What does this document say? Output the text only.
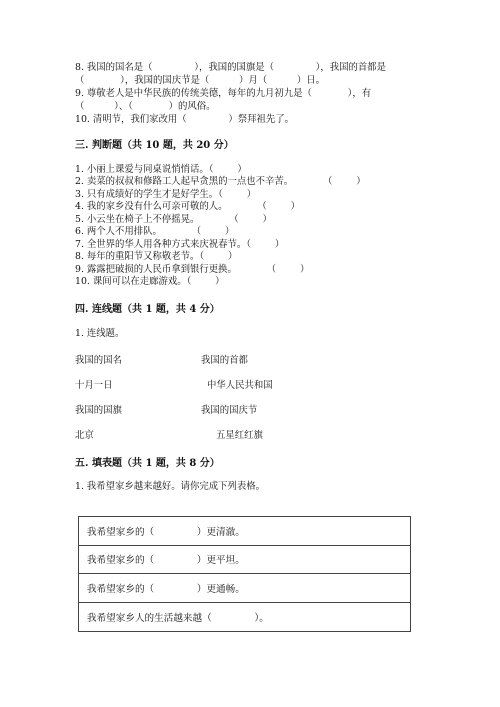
8. 我国的国名是（              ），我国的国旗是（              ），我国的首都是
（            ），我国的国庆节是（          ）月（          ）日。
9. 尊敬老人是中华民族的传统美德，每年的九月初九是（            ），有
（          ）、（            ）的风俗。
10. 清明节，我们家改用（              ）祭拜祖先了。
三. 判断题（共 10 题，共 20 分）
1. 小丽上课爱与同桌说悄悄话。（        ）
2. 卖菜的叔叔和修路工人起早贪黑的一点也不辛苦。          （        ）
3. 只有成绩好的学生才是好学生。（        ）
4. 我的家乡没有什么可亲可敬的人。          （        ）
5. 小云坐在椅子上不停摇晃。          （        ）
6. 两个人不用排队。          （        ）
7. 全世界的华人用各种方式来庆祝春节。（        ）
8. 每年的重阳节又称敬老节。（        ）
9. 露露把破损的人民币拿到银行更换。          （        ）
10. 课间可以在走廊游戏。（        ）
四. 连线题（共 1 题，共 4 分）
1. 连线题。
我国的国名	我国的首都
十月一日	中华人民共和国
我国的国旗	我国的国庆节
北京	五星红红旗
五. 填表题（共 1 题，共 8 分）
1. 我希望家乡越来越好。请你完成下列表格。
我希望家乡的（              ）更清澈。
我希望家乡的（              ）更平坦。
我希望家乡的（              ）更通畅。
我希望家乡人的生活越来越（              ）。
